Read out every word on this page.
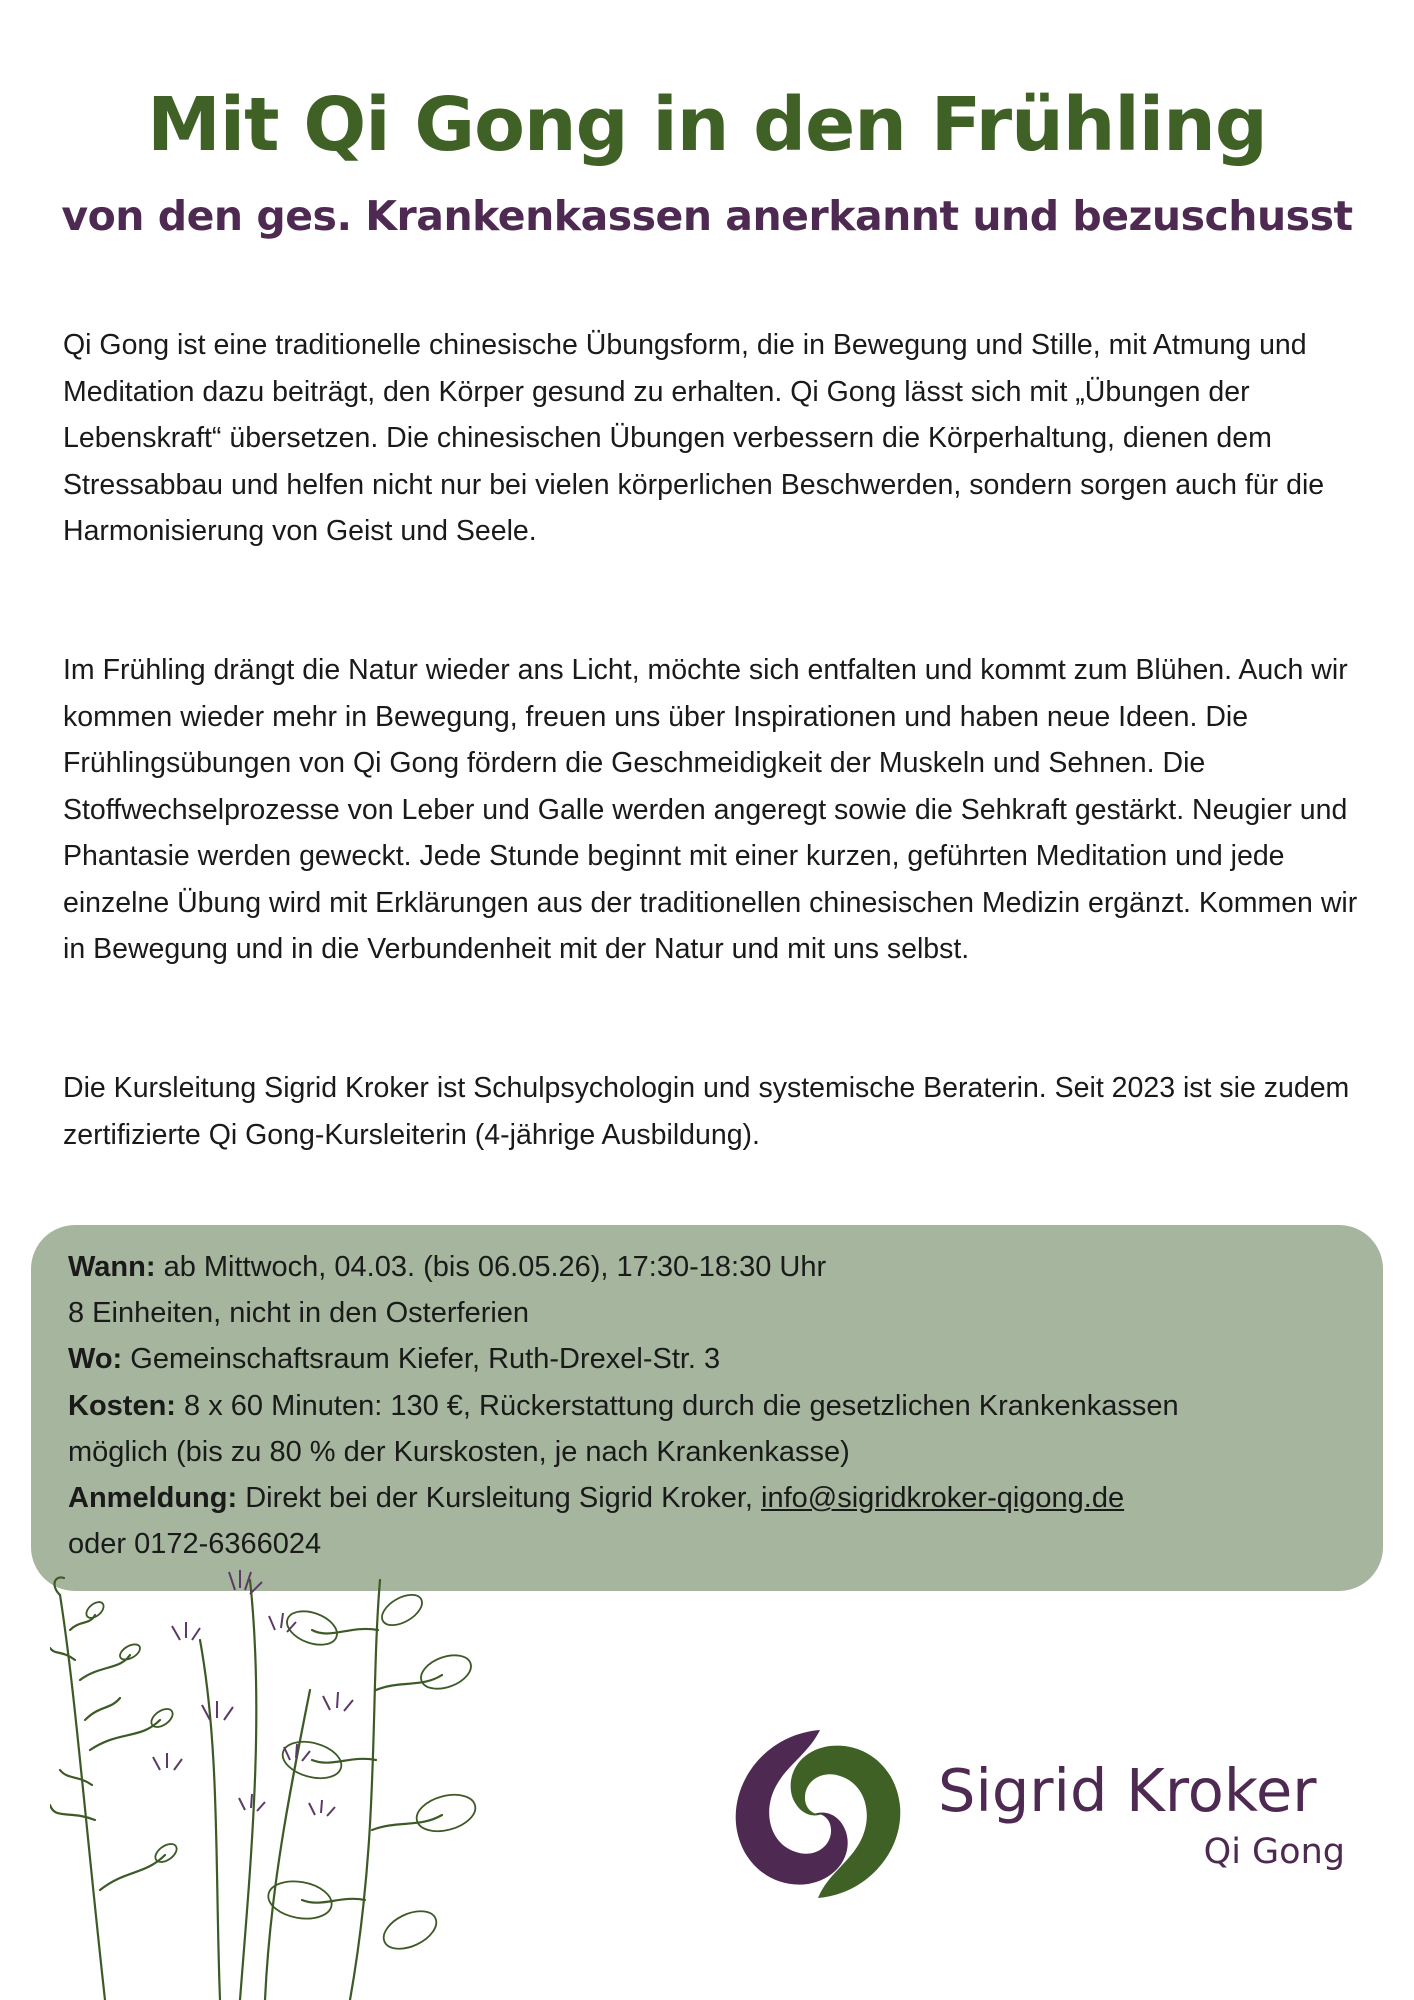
Mit Qi Gong in den Frühling
von den ges. Krankenkassen anerkannt und bezuschusst

Qi Gong ist eine traditionelle chinesische Übungsform, die in Bewegung und Stille, mit Atmung und Meditation dazu beiträgt, den Körper gesund zu erhalten. Qi Gong lässt sich mit „Übungen der Lebenskraft“ übersetzen. Die chinesischen Übungen verbessern die Körperhaltung, dienen dem Stressabbau und helfen nicht nur bei vielen körperlichen Beschwerden, sondern sorgen auch für die Harmonisierung von Geist und Seele.

Im Frühling drängt die Natur wieder ans Licht, möchte sich entfalten und kommt zum Blühen. Auch wir kommen wieder mehr in Bewegung, freuen uns über Inspirationen und haben neue Ideen. Die Frühlingsübungen von Qi Gong fördern die Geschmeidigkeit der Muskeln und Sehnen. Die Stoffwechselprozesse von Leber und Galle werden angeregt sowie die Sehkraft gestärkt. Neugier und Phantasie werden geweckt. Jede Stunde beginnt mit einer kurzen, geführten Meditation und jede einzelne Übung wird mit Erklärungen aus der traditionellen chinesischen Medizin ergänzt. Kommen wir in Bewegung und in die Verbundenheit mit der Natur und mit uns selbst.

Die Kursleitung Sigrid Kroker ist Schulpsychologin und systemische Beraterin. Seit 2023 ist sie zudem zertifizierte Qi Gong-Kursleiterin (4-jährige Ausbildung).

Wann: ab Mittwoch, 04.03. (bis 06.05.26), 17:30-18:30 Uhr

8 Einheiten, nicht in den Osterferien

Wo: Gemeinschaftsraum Kiefer, Ruth-Drexel-Str. 3

Kosten: 8 x 60 Minuten: 130 €, Rückerstattung durch die gesetzlichen Krankenkassen

möglich (bis zu 80 % der Kurskosten, je nach Krankenkasse)

Anmeldung: Direkt bei der Kursleitung Sigrid Kroker, info@sigridkroker-qigong.de

oder 0172-6366024

Sigrid Kroker

Qi Gong
